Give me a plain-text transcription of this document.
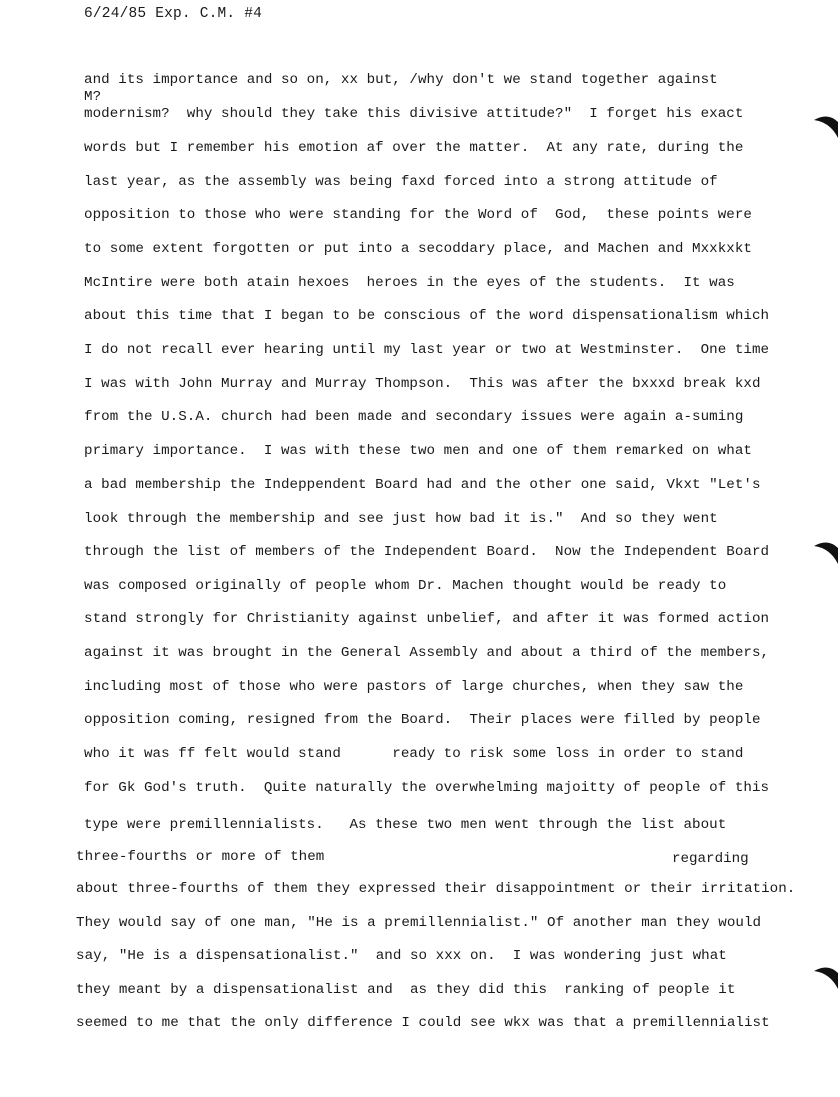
6/24/85 Exp. C.M. #4
M?
and its importance and so on, xx but, /why don't we stand together against
modernism?  why should they take this divisive attitude?"  I forget his exact
words but I remember his emotion af over the matter.  At any rate, during the
last year, as the assembly was being faxd forced into a strong attitude of
opposition to those who were standing for the Word of  God,  these points were
to some extent forgotten or put into a secoddary place, and Machen and Mxxkxkt
McIntire were both atain hexoes  heroes in the eyes of the students.  It was
about this time that I began to be conscious of the word dispensationalism which
I do not recall ever hearing until my last year or two at Westminster.  One time
I was with John Murray and Murray Thompson.  This was after the bxxxd break kxd
from the U.S.A. church had been made and secondary issues were again a-suming
primary importance.  I was with these two men and one of them remarked on what
a bad membership the Indeppendent Board had and the other one said, Vkxt "Let's
look through the membership and see just how bad it is."  And so they went
through the list of members of the Independent Board.  Now the Independent Board
was composed originally of people whom Dr. Machen thought would be ready to
stand strongly for Christianity against unbelief, and after it was formed action
against it was brought in the General Assembly and about a third of the members,
including most of those who were pastors of large churches, when they saw the
opposition coming, resigned from the Board.  Their places were filled by people
who it was ff felt would stand      ready to risk some loss in order to stand
for Gk God's truth.  Quite naturally the overwhelming majoitty of people of this
type were premillennialists.   As these two men went through the list about
three-fourths or more of them	regarding
about three-fourths of them they expressed their disappointment or their irritation.
They would say of one man, "He is a premillennialist." Of another man they would
say, "He is a dispensationalist."  and so xxx on.  I was wondering just what
they meant by a dispensationalist and  as they did this  ranking of people it
seemed to me that the only difference I could see wkx was that a premillennialist
